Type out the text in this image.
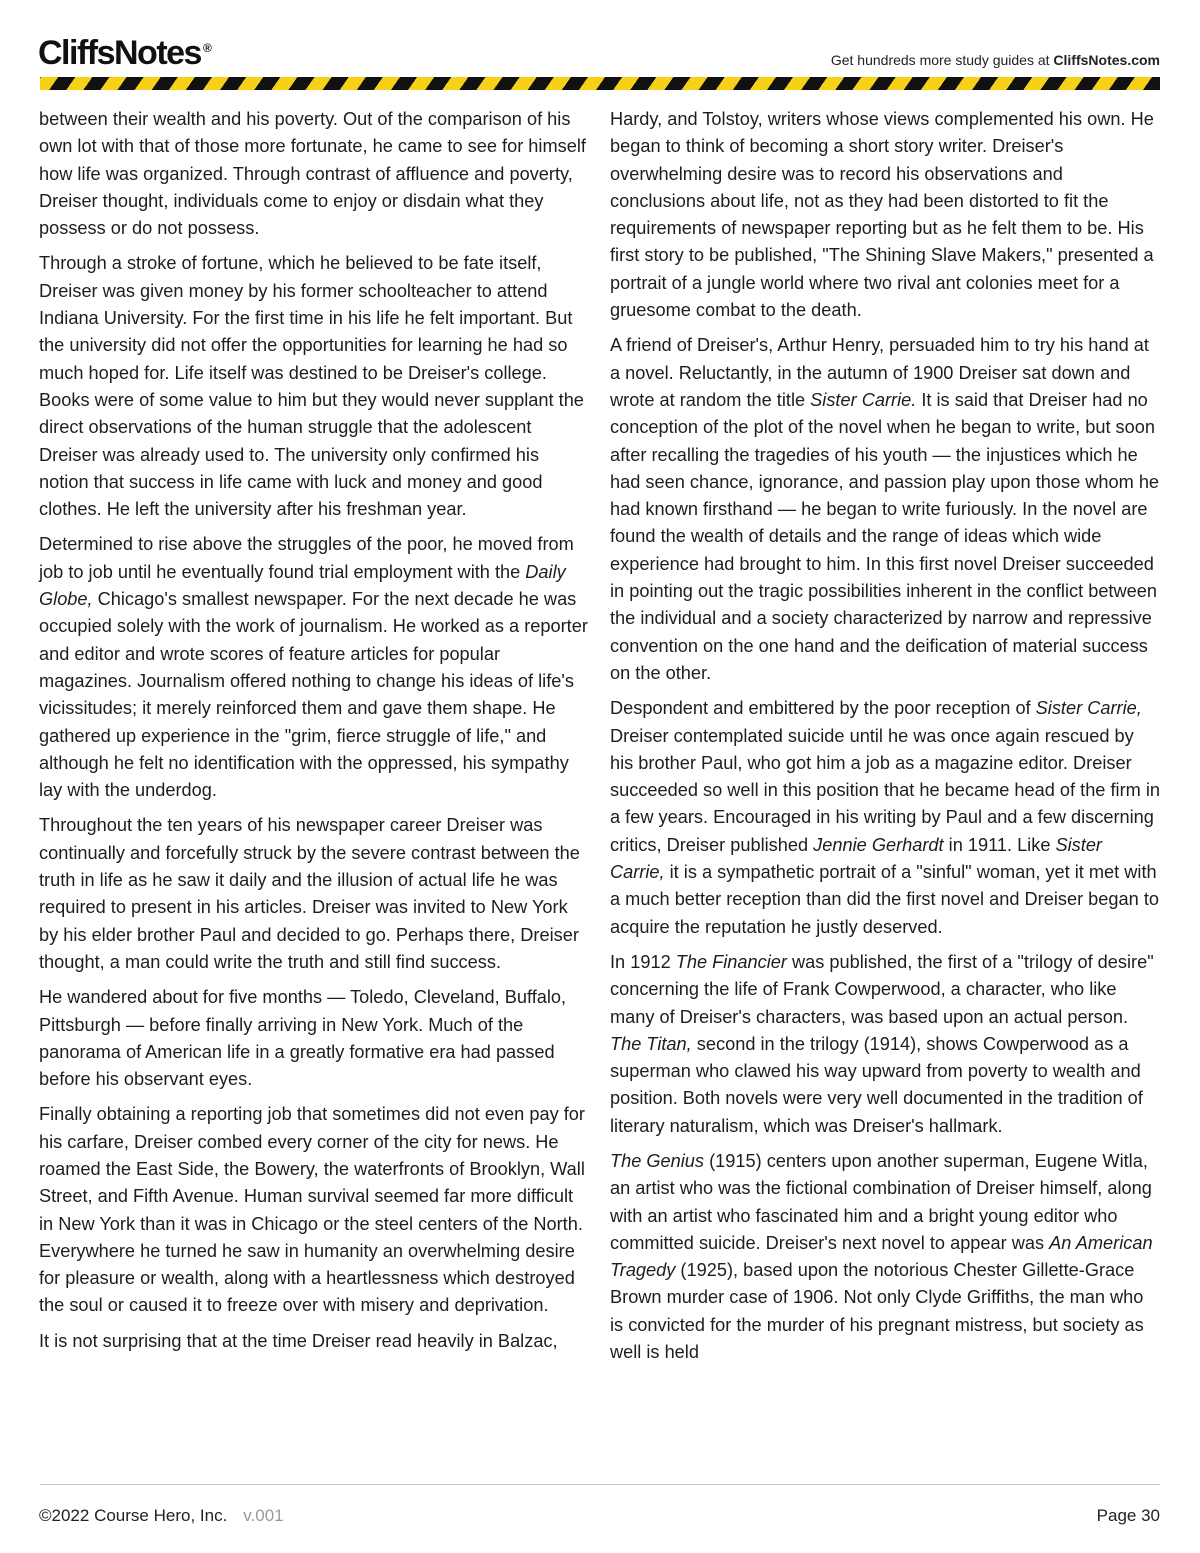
CliffsNotes ®
Get hundreds more study guides at CliffsNotes.com

between their wealth and his poverty. Out of the comparison of his own lot with that of those more fortunate, he came to see for himself how life was organized. Through contrast of affluence and poverty, Dreiser thought, individuals come to enjoy or disdain what they possess or do not possess.

Through a stroke of fortune, which he believed to be fate itself, Dreiser was given money by his former schoolteacher to attend Indiana University. For the first time in his life he felt important. But the university did not offer the opportunities for learning he had so much hoped for. Life itself was destined to be Dreiser's college. Books were of some value to him but they would never supplant the direct observations of the human struggle that the adolescent Dreiser was already used to. The university only confirmed his notion that success in life came with luck and money and good clothes. He left the university after his freshman year.

Determined to rise above the struggles of the poor, he moved from job to job until he eventually found trial employment with the Daily Globe, Chicago's smallest newspaper. For the next decade he was occupied solely with the work of journalism. He worked as a reporter and editor and wrote scores of feature articles for popular magazines. Journalism offered nothing to change his ideas of life's vicissitudes; it merely reinforced them and gave them shape. He gathered up experience in the "grim, fierce struggle of life," and although he felt no identification with the oppressed, his sympathy lay with the underdog.

Throughout the ten years of his newspaper career Dreiser was continually and forcefully struck by the severe contrast between the truth in life as he saw it daily and the illusion of actual life he was required to present in his articles. Dreiser was invited to New York by his elder brother Paul and decided to go. Perhaps there, Dreiser thought, a man could write the truth and still find success.

He wandered about for five months — Toledo, Cleveland, Buffalo, Pittsburgh — before finally arriving in New York. Much of the panorama of American life in a greatly formative era had passed before his observant eyes.

Finally obtaining a reporting job that sometimes did not even pay for his carfare, Dreiser combed every corner of the city for news. He roamed the East Side, the Bowery, the waterfronts of Brooklyn, Wall Street, and Fifth Avenue. Human survival seemed far more difficult in New York than it was in Chicago or the steel centers of the North. Everywhere he turned he saw in humanity an overwhelming desire for pleasure or wealth, along with a heartlessness which destroyed the soul or caused it to freeze over with misery and deprivation.

It is not surprising that at the time Dreiser read heavily in Balzac,

Hardy, and Tolstoy, writers whose views complemented his own. He began to think of becoming a short story writer. Dreiser's overwhelming desire was to record his observations and conclusions about life, not as they had been distorted to fit the requirements of newspaper reporting but as he felt them to be. His first story to be published, "The Shining Slave Makers," presented a portrait of a jungle world where two rival ant colonies meet for a gruesome combat to the death.

A friend of Dreiser's, Arthur Henry, persuaded him to try his hand at a novel. Reluctantly, in the autumn of 1900 Dreiser sat down and wrote at random the title Sister Carrie. It is said that Dreiser had no conception of the plot of the novel when he began to write, but soon after recalling the tragedies of his youth — the injustices which he had seen chance, ignorance, and passion play upon those whom he had known firsthand — he began to write furiously. In the novel are found the wealth of details and the range of ideas which wide experience had brought to him. In this first novel Dreiser succeeded in pointing out the tragic possibilities inherent in the conflict between the individual and a society characterized by narrow and repressive convention on the one hand and the deification of material success on the other.

Despondent and embittered by the poor reception of Sister Carrie, Dreiser contemplated suicide until he was once again rescued by his brother Paul, who got him a job as a magazine editor. Dreiser succeeded so well in this position that he became head of the firm in a few years. Encouraged in his writing by Paul and a few discerning critics, Dreiser published Jennie Gerhardt in 1911. Like Sister Carrie, it is a sympathetic portrait of a "sinful" woman, yet it met with a much better reception than did the first novel and Dreiser began to acquire the reputation he justly deserved.

In 1912 The Financier was published, the first of a "trilogy of desire" concerning the life of Frank Cowperwood, a character, who like many of Dreiser's characters, was based upon an actual person. The Titan, second in the trilogy (1914), shows Cowperwood as a superman who clawed his way upward from poverty to wealth and position. Both novels were very well documented in the tradition of literary naturalism, which was Dreiser's hallmark.

The Genius (1915) centers upon another superman, Eugene Witla, an artist who was the fictional combination of Dreiser himself, along with an artist who fascinated him and a bright young editor who committed suicide. Dreiser's next novel to appear was An American Tragedy (1925), based upon the notorious Chester Gillette-Grace Brown murder case of 1906. Not only Clyde Griffiths, the man who is convicted for the murder of his pregnant mistress, but society as well is held

©2022 Course Hero, Inc. v.001	Page 30
